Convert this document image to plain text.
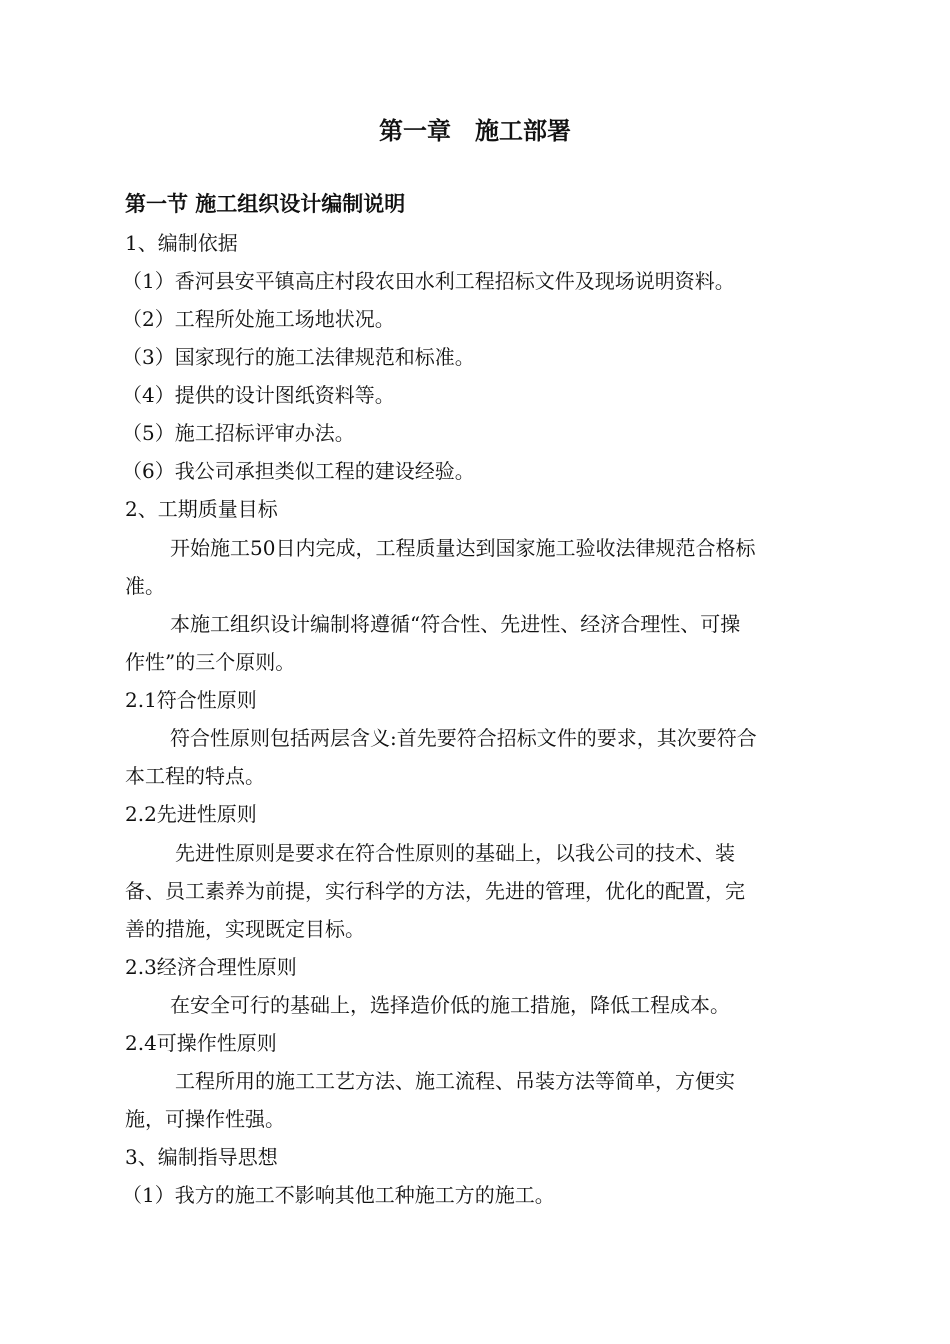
第一章　施工部署
第一节 施工组织设计编制说明
1、编制依据
（1）香河县安平镇高庄村段农田水利工程招标文件及现场说明资料。
（2）工程所处施工场地状况。
（3）国家现行的施工法律规范和标准。
（4）提供的设计图纸资料等。
（5）施工招标评审办法。
（6）我公司承担类似工程的建设经验。
2、工期质量目标
开始施工50日内完成，工程质量达到国家施工验收法律规范合格标
准。
本施工组织设计编制将遵循“符合性、先进性、经济合理性、可操
作性”的三个原则。
2.1符合性原则
符合性原则包括两层含义:首先要符合招标文件的要求，其次要符合
本工程的特点。
2.2先进性原则
先进性原则是要求在符合性原则的基础上，以我公司的技术、装
备、员工素养为前提，实行科学的方法，先进的管理，优化的配置，完
善的措施，实现既定目标。
2.3经济合理性原则
在安全可行的基础上，选择造价低的施工措施，降低工程成本。
2.4可操作性原则
工程所用的施工工艺方法、施工流程、吊装方法等简单，方便实
施，可操作性强。
3、编制指导思想
（1）我方的施工不影响其他工种施工方的施工。
